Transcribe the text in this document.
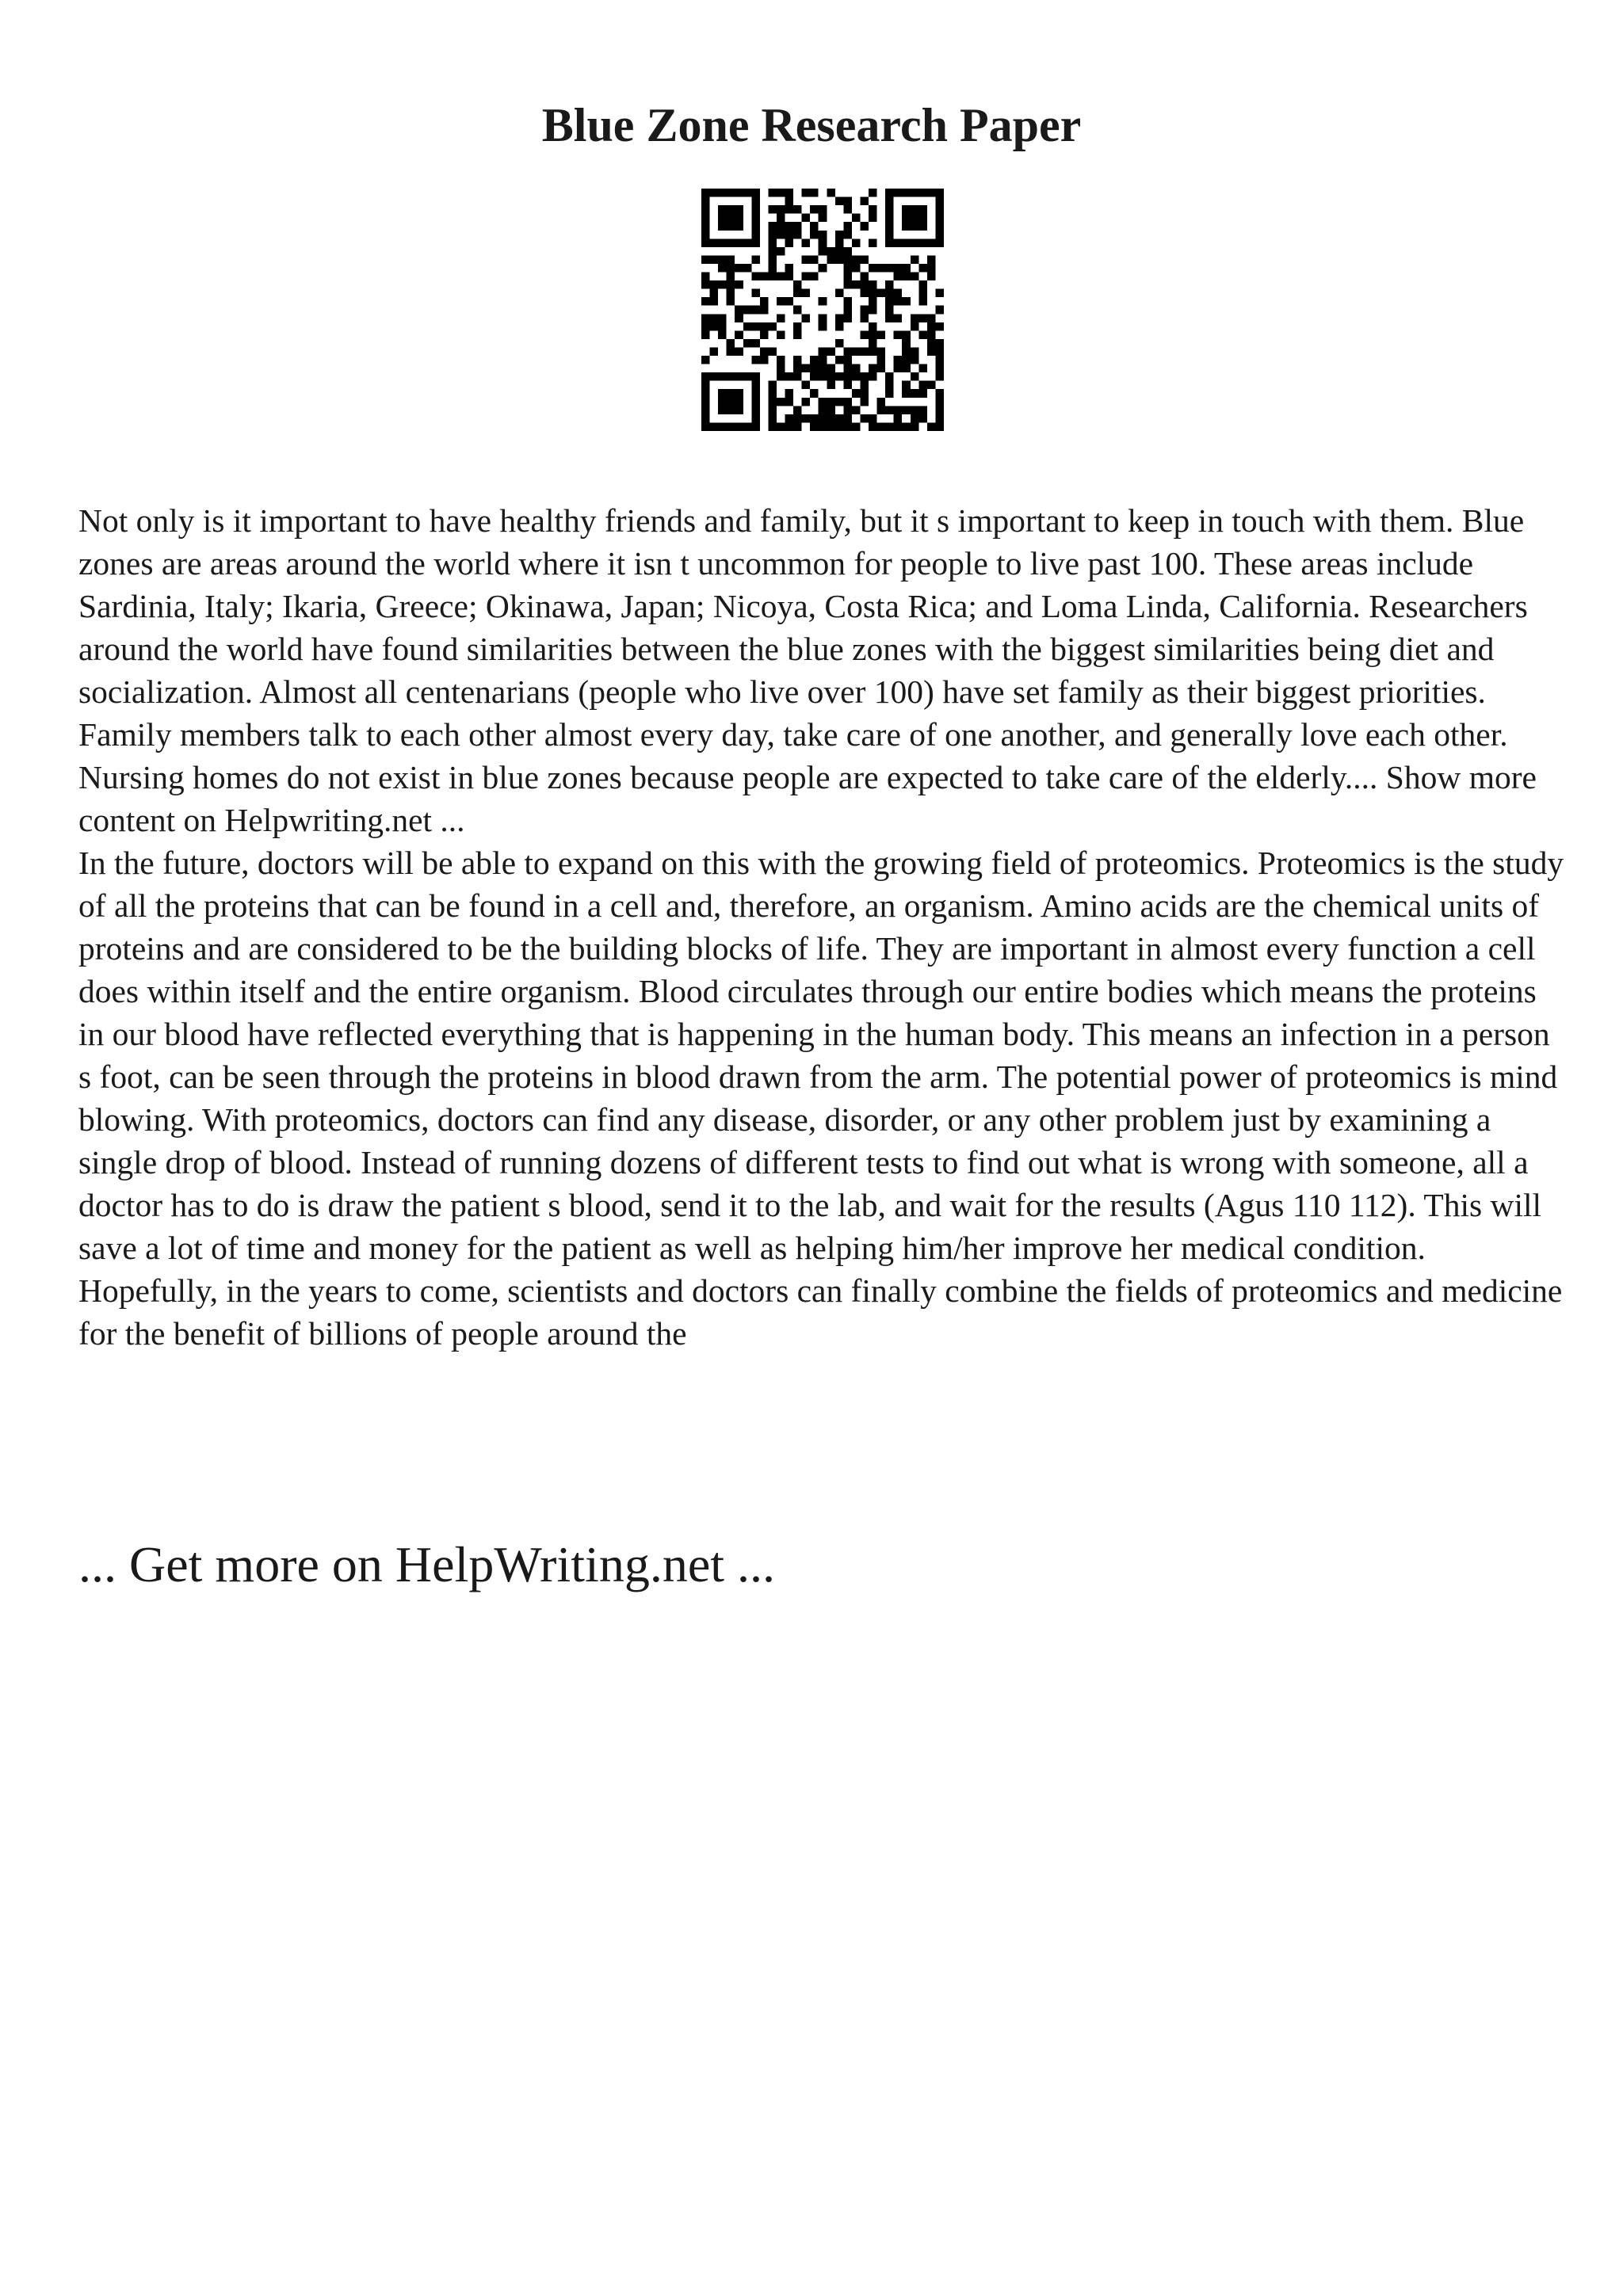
Blue Zone Research Paper

Not only is it important to have healthy friends and family, but it s important to keep in touch with them. Blue zones are areas around the world where it isn t uncommon for people to live past 100. These areas include Sardinia, Italy; Ikaria, Greece; Okinawa, Japan; Nicoya, Costa Rica; and Loma Linda, California. Researchers around the world have found similarities between the blue zones with the biggest similarities being diet and socialization. Almost all centenarians (people who live over 100) have set family as their biggest priorities. Family members talk to each other almost every day, take care of one another, and generally love each other. Nursing homes do not exist in blue zones because people are expected to take care of the elderly.... Show more content on Helpwriting.net ...

In the future, doctors will be able to expand on this with the growing field of proteomics. Proteomics is the study of all the proteins that can be found in a cell and, therefore, an organism. Amino acids are the chemical units of proteins and are considered to be the building blocks of life. They are important in almost every function a cell does within itself and the entire organism. Blood circulates through our entire bodies which means the proteins in our blood have reflected everything that is happening in the human body. This means an infection in a person s foot, can be seen through the proteins in blood drawn from the arm. The potential power of proteomics is mind blowing. With proteomics, doctors can find any disease, disorder, or any other problem just by examining a single drop of blood. Instead of running dozens of different tests to find out what is wrong with someone, all a doctor has to do is draw the patient s blood, send it to the lab, and wait for the results (Agus 110 112). This will save a lot of time and money for the patient as well as helping him/her improve her medical condition. Hopefully, in the years to come, scientists and doctors can finally combine the fields of proteomics and medicine for the benefit of billions of people around the

... Get more on HelpWriting.net ...
